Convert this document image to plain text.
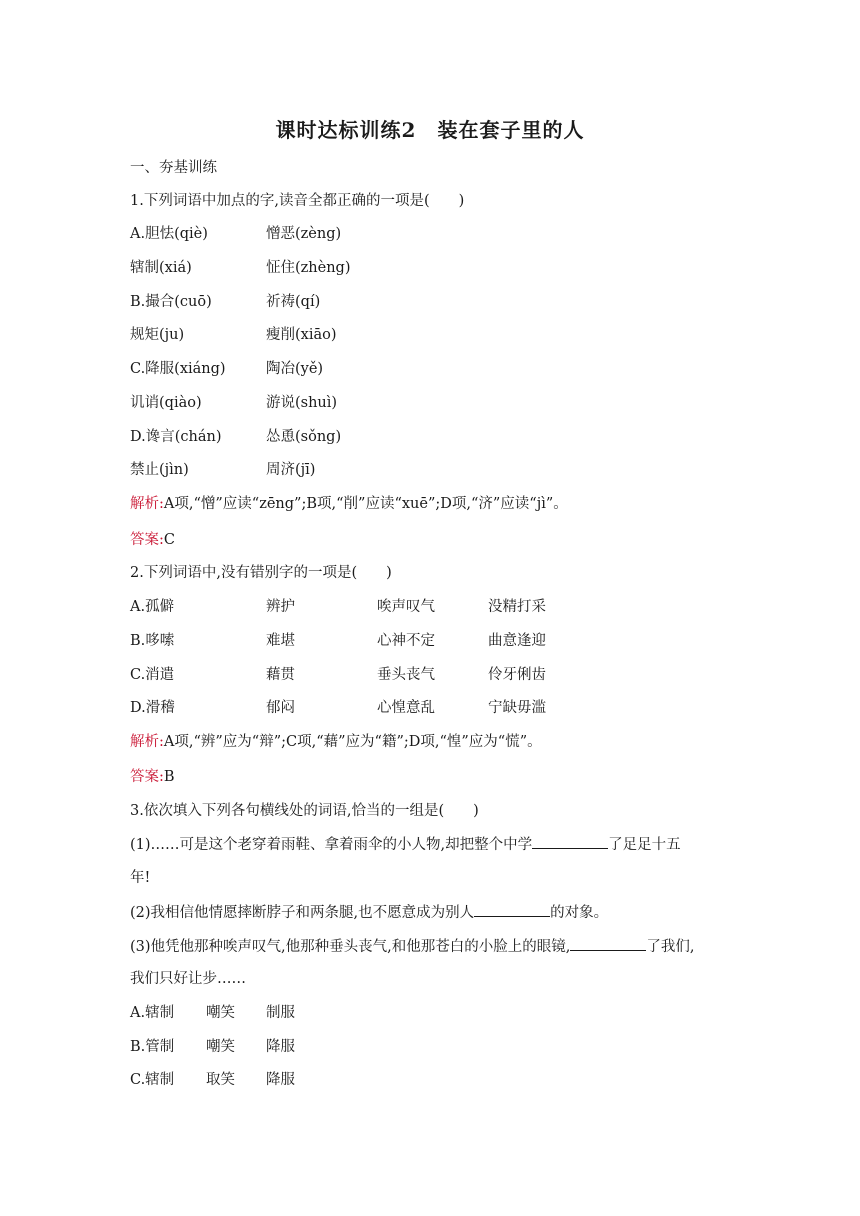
课时达标训练2　装在套子里的人
一、夯基训练
1.下列词语中加点的字,读音全都正确的一项是(　　)
A.胆怯(qiè)	憎恶(zèng)
辖制(xiá)	怔住(zhèng)
B.撮合(cuō)	祈祷(qí)
规矩(ju)	瘦削(xiāo)
C.降服(xiáng)	陶冶(yě)
讥诮(qiào)	游说(shuì)
D.谗言(chán)	怂恿(sǒng)
禁止(jìn)	周济(jī)
解析:A项,“憎”应读“zēng”;B项,“削”应读“xuē”;D项,“济”应读“jì”。
答案:C
2.下列词语中,没有错别字的一项是(　　)
A.孤僻	辨护	唉声叹气	没精打采
B.哆嗦	难堪	心神不定	曲意逢迎
C.消遣	藉贯	垂头丧气	伶牙俐齿
D.滑稽	郁闷	心惶意乱	宁缺毋滥
解析:A项,“辨”应为“辩”;C项,“藉”应为“籍”;D项,“惶”应为“慌”。
答案:B
3.依次填入下列各句横线处的词语,恰当的一组是(　　)
(1)……可是这个老穿着雨鞋、拿着雨伞的小人物,却把整个中学	了足足十五
年!
(2)我相信他情愿摔断脖子和两条腿,也不愿意成为别人	的对象。
(3)他凭他那种唉声叹气,他那种垂头丧气,和他那苍白的小脸上的眼镜,	了我们,
我们只好让步……
A.辖制 嘲笑 制服
B.管制 嘲笑 降服
C.辖制 取笑 降服
